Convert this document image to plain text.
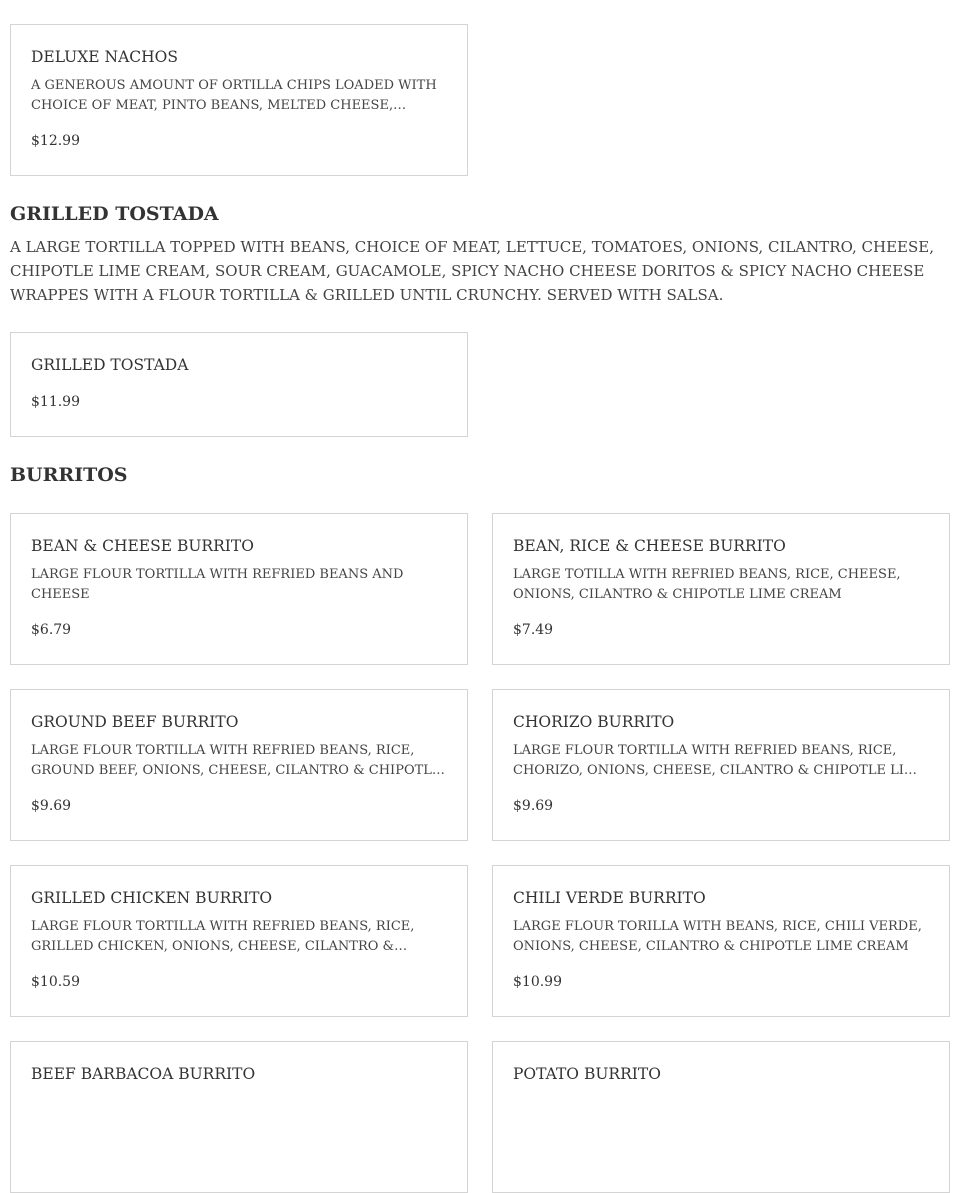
DELUXE NACHOS
A GENEROUS AMOUNT OF ORTILLA CHIPS LOADED WITH CHOICE OF MEAT, PINTO BEANS, MELTED CHEESE,
$12.99
GRILLED TOSTADA

A LARGE TORTILLA TOPPED WITH BEANS, CHOICE OF MEAT, LETTUCE, TOMATOES, ONIONS, CILANTRO, CHEESE, CHIPOTLE LIME CREAM, SOUR CREAM, GUACAMOLE, SPICY NACHO CHEESE DORITOS & SPICY NACHO CHEESE WRAPPES WITH A FLOUR TORTILLA & GRILLED UNTIL CRUNCHY. SERVED WITH SALSA.

GRILLED TOSTADA
$11.99
BURRITOS
BEAN & CHEESE BURRITO
LARGE FLOUR TORTILLA WITH REFRIED BEANS AND CHEESE
$6.79
BEAN, RICE & CHEESE BURRITO
LARGE TOTILLA WITH REFRIED BEANS, RICE, CHEESE, ONIONS, CILANTRO & CHIPOTLE LIME CREAM
$7.49
GROUND BEEF BURRITO
LARGE FLOUR TORTILLA WITH REFRIED BEANS, RICE, GROUND BEEF, ONIONS, CHEESE, CILANTRO & CHIPOTLE
$9.69
CHORIZO BURRITO
LARGE FLOUR TORTILLA WITH REFRIED BEANS, RICE, CHORIZO, ONIONS, CHEESE, CILANTRO & CHIPOTLE LIME
$9.69
GRILLED CHICKEN BURRITO
LARGE FLOUR TORTILLA WITH REFRIED BEANS, RICE, GRILLED CHICKEN, ONIONS, CHEESE, CILANTRO &
$10.59
CHILI VERDE BURRITO
LARGE FLOUR TORILLA WITH BEANS, RICE, CHILI VERDE, ONIONS, CHEESE, CILANTRO & CHIPOTLE LIME CREAM
$10.99
BEEF BARBACOA BURRITO	POTATO BURRITO
